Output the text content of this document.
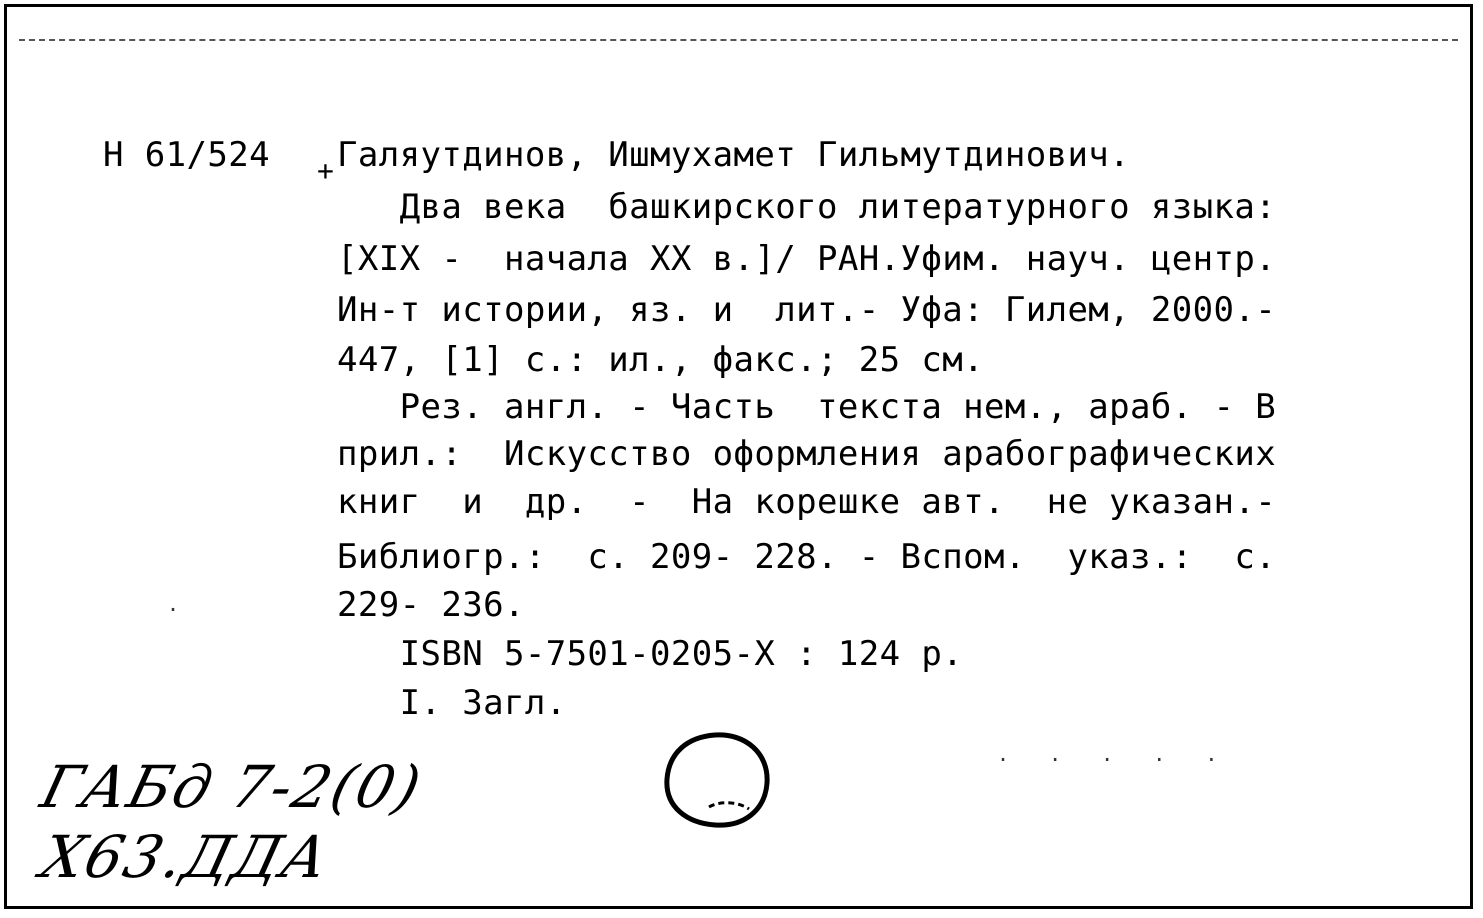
Н 61/524 + Галяутдинов, Ишмухамет Гильмутдинович.
Два века  башкирского литературного языка:
[XIX -  начала XX в.]/ РАН.Уфим. науч. центр.
Ин-т истории, яз. и  лит.- Уфа: Гилем, 2000.-
447, [1] с.: ил., факс.; 25 см.
Рез. англ. - Часть  текста нем., араб. - В
прил.:  Искусство оформления арабографических
книг  и  др.  -  На корешке авт.  не указан.-
Библиогр.:  с. 209- 228. - Вспом.  указ.:  с.
229- 236.
ISBN 5-7501-0205-X : 124 р.
I. Загл.
. . . . .
.
ГАБд 7-2(0)
Х63.ДДА
